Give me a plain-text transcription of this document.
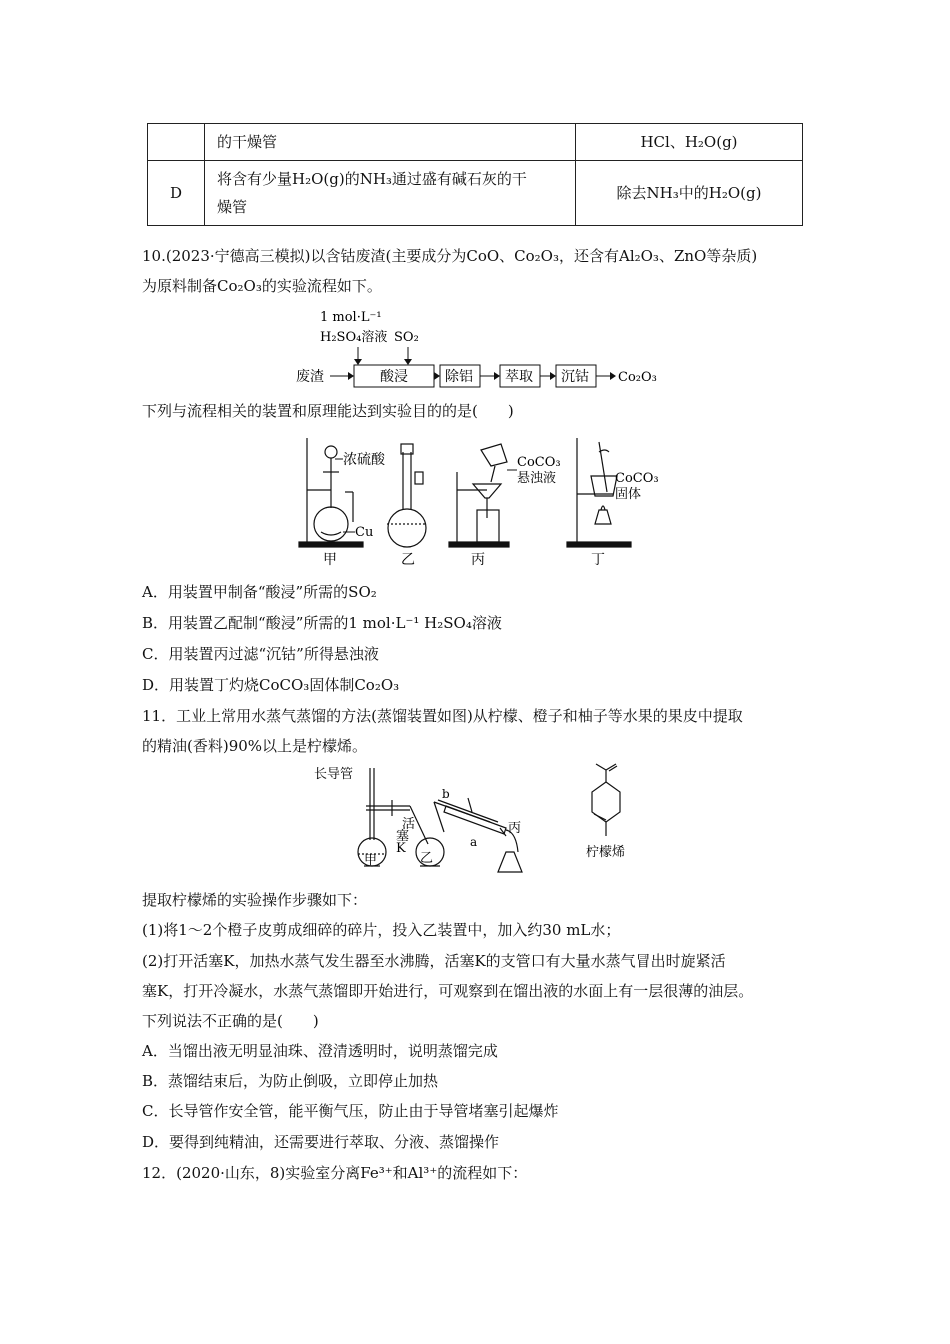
	的干燥管	HCl、H₂O(g)
D	将含有少量H₂O(g)的NH₃通过盛有碱石灰的干
燥管	除去NH₃中的H₂O(g)
10.(2023·宁德高三模拟)以含钴废渣(主要成分为CoO、Co₂O₃，还含有Al₂O₃、ZnO等杂质)
为原料制备Co₂O₃的实验流程如下。
1 mol·L⁻¹
H₂SO₄溶液 SO₂
废渣	酸浸	除铝 萃取 沉钴 Co₂O₃
下列与流程相关的装置和原理能达到实验目的的是(　　)
浓硫酸
Cu
甲	乙
CoCO₃
悬浊液
丙
CoCO₃
固体
丁
A．用装置甲制备“酸浸”所需的SO₂
B．用装置乙配制“酸浸”所需的1 mol·L⁻¹ H₂SO₄溶液
C．用装置丙过滤“沉钴”所得悬浊液
D．用装置丁灼烧CoCO₃固体制Co₂O₃
11．工业上常用水蒸气蒸馏的方法(蒸馏装置如图)从柠檬、橙子和柚子等水果的果皮中提取
的精油(香料)90%以上是柠檬烯。
长导管
活
塞
K
b
a
丙
甲	乙	柠檬烯
提取柠檬烯的实验操作步骤如下：
(1)将1～2个橙子皮剪成细碎的碎片，投入乙装置中，加入约30 mL水；
(2)打开活塞K，加热水蒸气发生器至水沸腾，活塞K的支管口有大量水蒸气冒出时旋紧活
塞K，打开冷凝水，水蒸气蒸馏即开始进行，可观察到在馏出液的水面上有一层很薄的油层。
下列说法不正确的是(　　)
A．当馏出液无明显油珠、澄清透明时，说明蒸馏完成
B．蒸馏结束后，为防止倒吸，立即停止加热
C．长导管作安全管，能平衡气压，防止由于导管堵塞引起爆炸
D．要得到纯精油，还需要进行萃取、分液、蒸馏操作
12．(2020·山东，8)实验室分离Fe³⁺和Al³⁺的流程如下：
